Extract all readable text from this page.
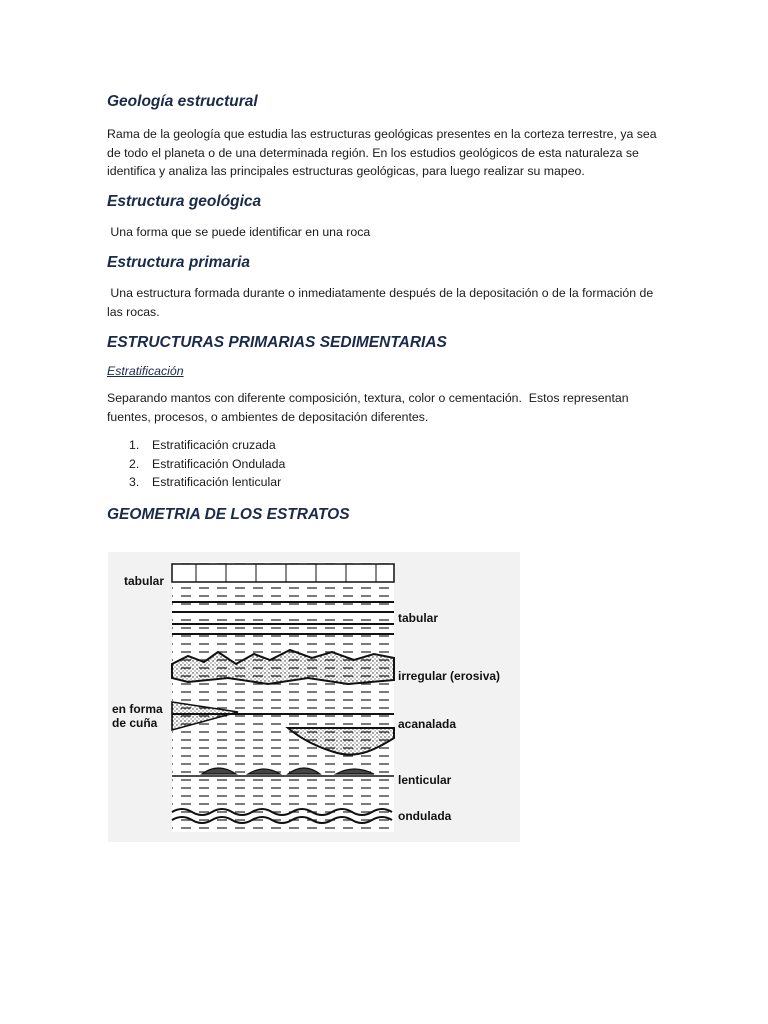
Geología estructural

Rama de la geología que estudia las estructuras geológicas presentes en la corteza terrestre, ya sea de todo el planeta o de una determinada región. En los estudios geológicos de esta naturaleza se identifica y analiza las principales estructuras geológicas, para luego realizar su mapeo.

Estructura geológica

Una forma que se puede identificar en una roca

Estructura primaria

Una estructura formada durante o inmediatamente después de la depositación o de la formación de las rocas.

ESTRUCTURAS PRIMARIAS SEDIMENTARIAS

Estratificación

Separando mantos con diferente composición, textura, color o cementación.  Estos representan fuentes, procesos, o ambientes de depositación diferentes.

1.	Estratificación cruzada
2.	Estratificación Ondulada
3.	Estratificación lenticular
GEOMETRIA DE LOS ESTRATOS
tabular
en forma
de cuña
tabular
irregular (erosiva)
acanalada
lenticular
ondulada
